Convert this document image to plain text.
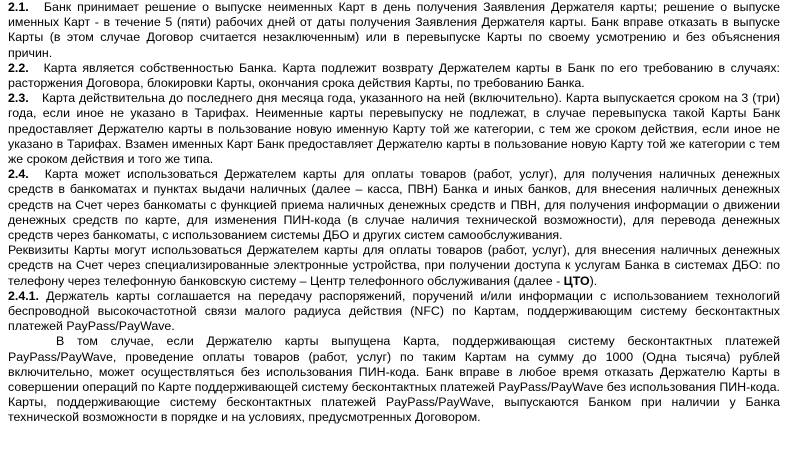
2.1. Банк принимает решение о выпуске неименных Карт в день получения Заявления Держателя карты; решение о выпуске именных Карт - в течение 5 (пяти) рабочих дней от даты получения Заявления Держателя карты. Банк вправе отказать в выпуске Карты (в этом случае Договор считается незаключенным) или в перевыпуске Карты по своему усмотрению и без объяснения причин.

2.2. Карта является собственностью Банка. Карта подлежит возврату Держателем карты в Банк по его требованию в случаях: расторжения Договора, блокировки Карты, окончания срока действия Карты, по требованию Банка.

2.3. Карта действительна до последнего дня месяца года, указанного на ней (включительно). Карта выпускается сроком на 3 (три) года, если иное не указано в Тарифах. Неименные карты перевыпуску не подлежат, в случае перевыпуска такой Карты Банк предоставляет Держателю карты в пользование новую именную Карту той же категории, с тем же сроком действия, если иное не указано в Тарифах. Взамен именных Карт Банк предоставляет Держателю карты в пользование новую Карту той же категории с тем же сроком действия и того же типа.

2.4. Карта может использоваться Держателем карты для оплаты товаров (работ, услуг), для получения наличных денежных средств в банкоматах и пунктах выдачи наличных (далее – касса, ПВН) Банка и иных банков, для внесения наличных денежных средств на Счет через банкоматы с функцией приема наличных денежных средств и ПВН, для получения информации о движении денежных средств по карте, для изменения ПИН-кода (в случае наличия технической возможности), для перевода денежных средств через банкоматы, с использованием системы ДБО и других систем самообслуживания.

Реквизиты Карты могут использоваться Держателем карты для оплаты товаров (работ, услуг), для внесения наличных денежных средств на Счет через специализированные электронные устройства, при получении доступа к услугам Банка в системах ДБО: по телефону через телефонную банковскую систему – Центр телефонного обслуживания (далее - ЦТО).

2.4.1. Держатель карты соглашается на передачу распоряжений, поручений и/или информации с использованием технологий беспроводной высокочастотной связи малого радиуса действия (NFC) по Картам, поддерживающим систему бесконтактных платежей PayPass/PayWave.

В том случае, если Держателю карты выпущена Карта, поддерживающая систему бесконтактных платежей PayPass/PayWave, проведение оплаты товаров (работ, услуг) по таким Картам на сумму до 1000 (Одна тысяча) рублей включительно, может осуществляться без использования ПИН-кода. Банк вправе в любое время отказать Держателю Карты в совершении операций по Карте поддерживающей систему бесконтактных платежей PayPass/PayWave без использования ПИН-кода. Карты, поддерживающие систему бесконтактных платежей PayPass/PayWave, выпускаются Банком при наличии у Банка технической возможности в порядке и на условиях, предусмотренных Договором.
